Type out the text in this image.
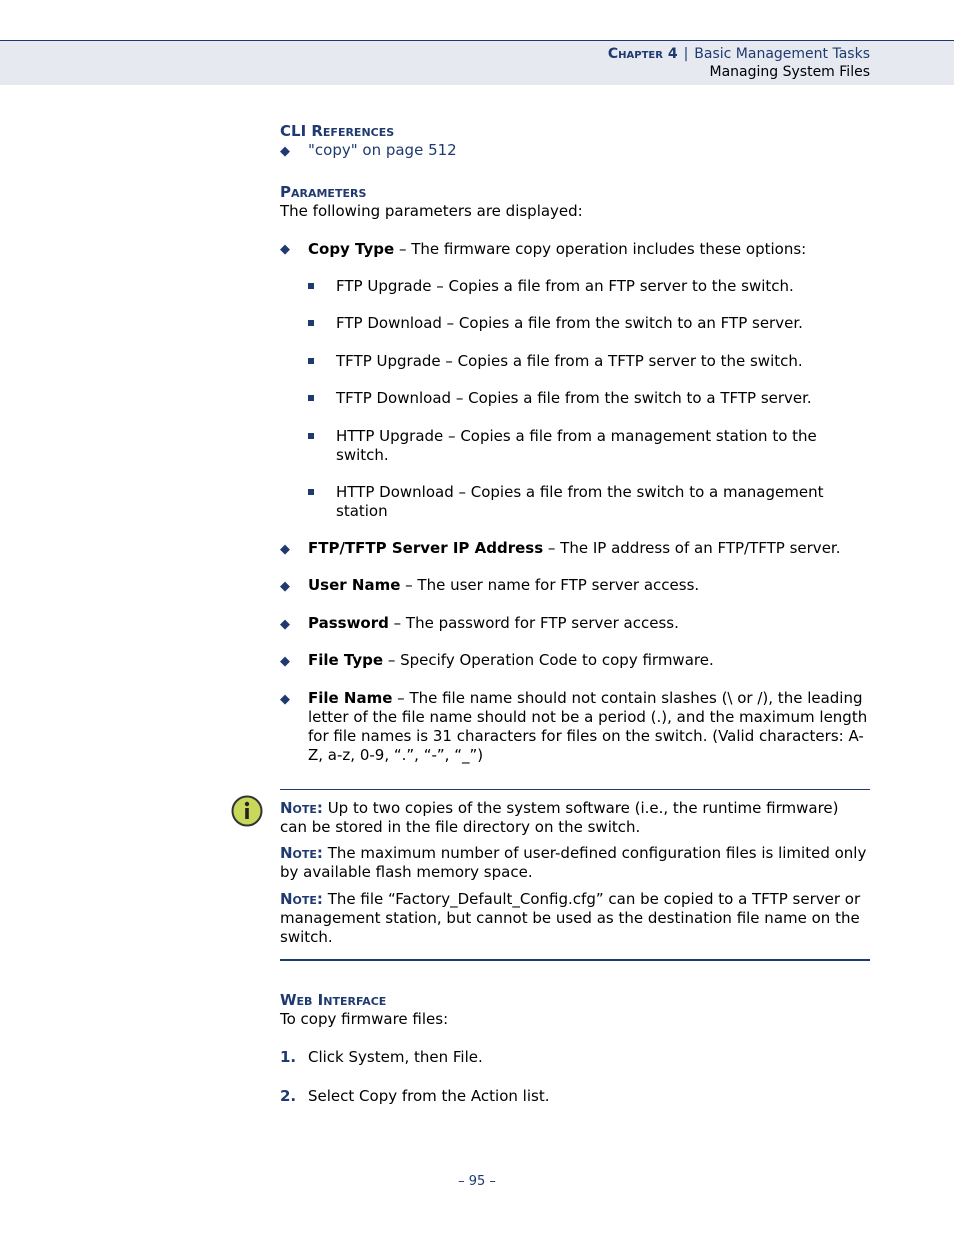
Chapter 4 | Basic Management Tasks
Managing System Files
CLI References
◆ "copy" on page 512
Parameters
The following parameters are displayed:
◆ Copy Type – The firmware copy operation includes these options:
FTP Upgrade – Copies a file from an FTP server to the switch.
FTP Download – Copies a file from the switch to an FTP server.
TFTP Upgrade – Copies a file from a TFTP server to the switch.
TFTP Download – Copies a file from the switch to a TFTP server.
HTTP Upgrade – Copies a file from a management station to the switch.
HTTP Download – Copies a file from the switch to a management station
◆ FTP/TFTP Server IP Address – The IP address of an FTP/TFTP server.
◆ User Name – The user name for FTP server access.
◆ Password – The password for FTP server access.
◆ File Type – Specify Operation Code to copy firmware.
◆ File Name – The file name should not contain slashes (\ or /), the leading letter of the file name should not be a period (.), and the maximum length for file names is 31 characters for files on the switch. (Valid characters: A-Z, a-z, 0-9, “.”, “-”, “_”)
Note: Up to two copies of the system software (i.e., the runtime firmware) can be stored in the file directory on the switch.
Note: The maximum number of user-defined configuration files is limited only by available flash memory space.
Note: The file “Factory_Default_Config.cfg” can be copied to a TFTP server or management station, but cannot be used as the destination file name on the switch.
Web Interface
To copy firmware files:
1. Click System, then File.
2. Select Copy from the Action list.
– 95 –
